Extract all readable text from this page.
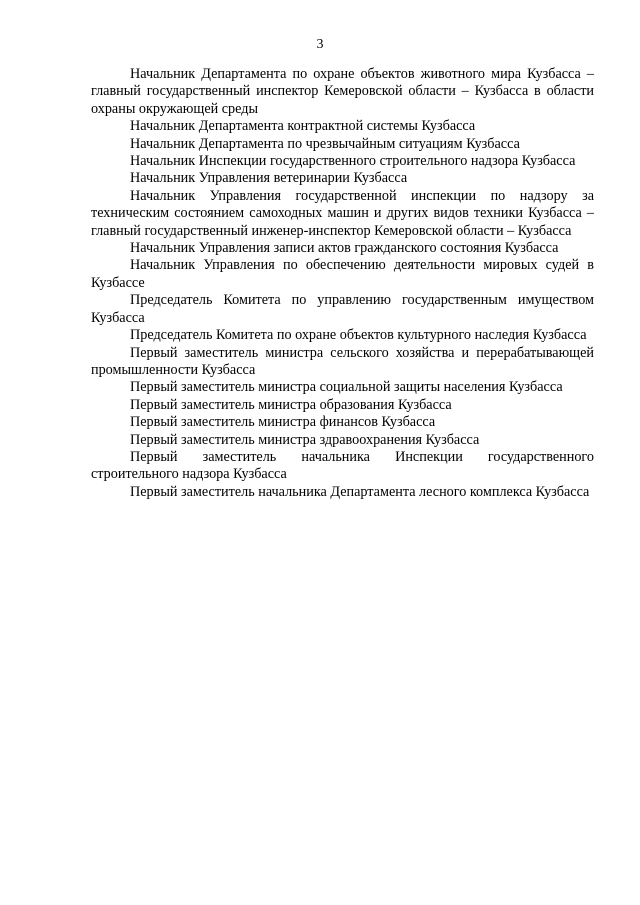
3

Начальник Департамента по охране объектов животного мира Кузбасса – главный государственный инспектор Кемеровской области – Кузбасса в области охраны окружающей среды

Начальник Департамента контрактной системы Кузбасса

Начальник Департамента по чрезвычайным ситуациям Кузбасса

Начальник Инспекции государственного строительного надзора Кузбасса

Начальник Управления ветеринарии Кузбасса

Начальник Управления государственной инспекции по надзору за техническим состоянием самоходных машин и других видов техники Кузбасса – главный государственный инженер-инспектор Кемеровской области – Кузбасса

Начальник Управления записи актов гражданского состояния Кузбасса

Начальник Управления по обеспечению деятельности мировых судей в Кузбассе

Председатель Комитета по управлению государственным имуществом Кузбасса

Председатель Комитета по охране объектов культурного наследия Кузбасса

Первый заместитель министра сельского хозяйства и перерабатывающей промышленности Кузбасса

Первый заместитель министра социальной защиты населения Кузбасса

Первый заместитель министра образования Кузбасса

Первый заместитель министра финансов Кузбасса

Первый заместитель министра здравоохранения Кузбасса

Первый заместитель начальника Инспекции государственного строительного надзора Кузбасса

Первый заместитель начальника Департамента лесного комплекса Кузбасса
